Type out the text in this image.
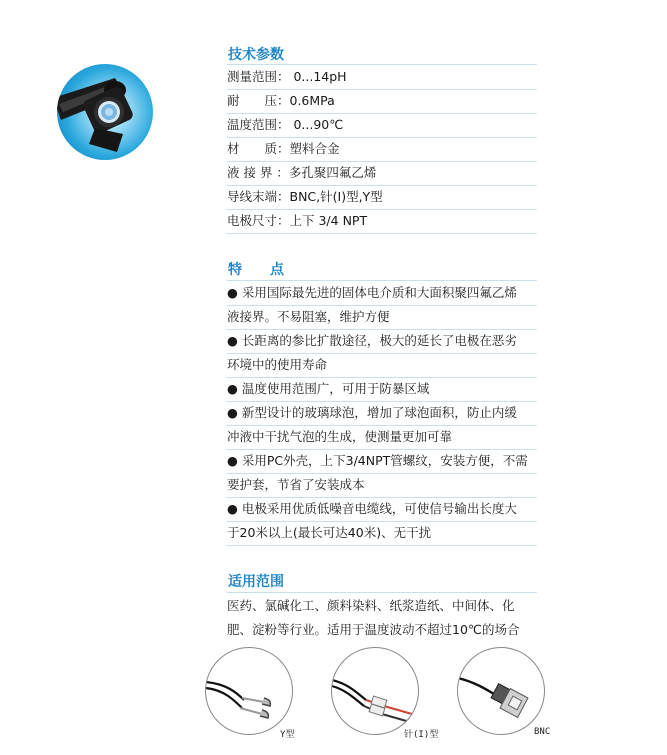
技术参数
测量范围： 0...14pH
耐　　压：0.6MPa
温度范围： 0...90℃
材　　质：塑料合金
液 接 界 ：多孔聚四氟乙烯
导线末端：BNC,针(I)型,Y型
电极尺寸：上下 3/4 NPT
特　　点
● 采用国际最先进的固体电介质和大面积聚四氟乙烯
液接界。不易阻塞，维护方便
● 长距离的参比扩散途径，极大的延长了电极在恶劣
环境中的使用寿命
● 温度使用范围广，可用于防暴区域
● 新型设计的玻璃球泡，增加了球泡面积，防止内缓
冲液中干扰气泡的生成，使测量更加可靠
● 采用PC外壳，上下3/4NPT管螺纹，安装方便，不需
要护套，节省了安装成本
● 电极采用优质低噪音电缆线，可使信号输出长度大
于20米以上(最长可达40米)、无干扰
适用范围
医药、氯碱化工、颜料染料、纸浆造纸、中间体、化
肥、淀粉等行业。适用于温度波动不超过10℃的场合
Y型	针(I)型	BNC
